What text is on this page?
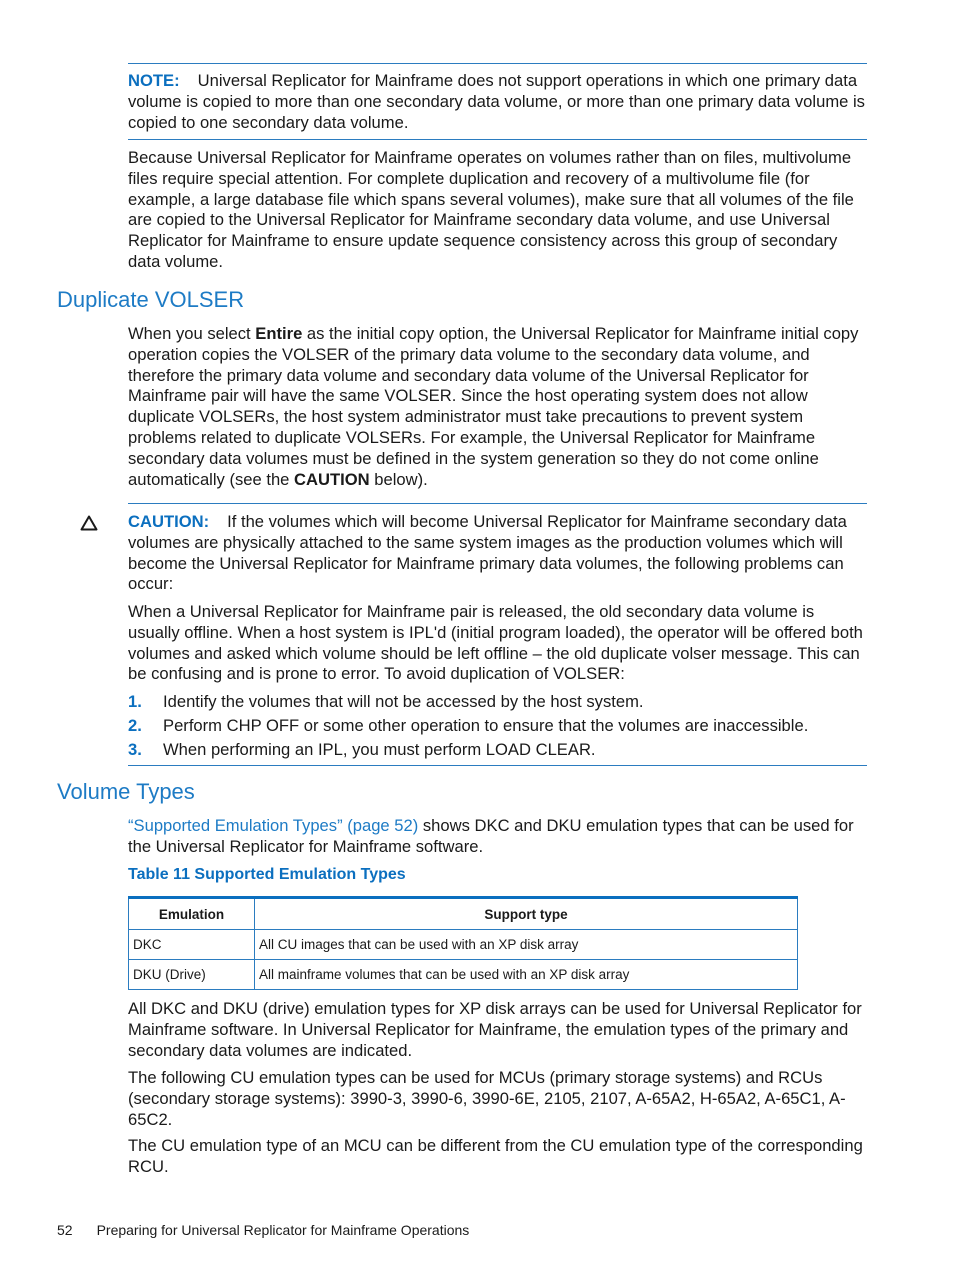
NOTE: Universal Replicator for Mainframe does not support operations in which one primary data volume is copied to more than one secondary data volume, or more than one primary data volume is copied to one secondary data volume.

Because Universal Replicator for Mainframe operates on volumes rather than on files, multivolume files require special attention. For complete duplication and recovery of a multivolume file (for example, a large database file which spans several volumes), make sure that all volumes of the file are copied to the Universal Replicator for Mainframe secondary data volume, and use Universal Replicator for Mainframe to ensure update sequence consistency across this group of secondary data volume.

Duplicate VOLSER

When you select Entire as the initial copy option, the Universal Replicator for Mainframe initial copy operation copies the VOLSER of the primary data volume to the secondary data volume, and therefore the primary data volume and secondary data volume of the Universal Replicator for Mainframe pair will have the same VOLSER. Since the host operating system does not allow duplicate VOLSERs, the host system administrator must take precautions to prevent system problems related to duplicate VOLSERs. For example, the Universal Replicator for Mainframe secondary data volumes must be defined in the system generation so they do not come online automatically (see the CAUTION below).

CAUTION: If the volumes which will become Universal Replicator for Mainframe secondary data volumes are physically attached to the same system images as the production volumes which will become the Universal Replicator for Mainframe primary data volumes, the following problems can occur:

When a Universal Replicator for Mainframe pair is released, the old secondary data volume is usually offline. When a host system is IPL'd (initial program loaded), the operator will be offered both volumes and asked which volume should be left offline – the old duplicate volser message. This can be confusing and is prone to error. To avoid duplication of VOLSER:

1. Identify the volumes that will not be accessed by the host system.
2. Perform CHP OFF or some other operation to ensure that the volumes are inaccessible.
3. When performing an IPL, you must perform LOAD CLEAR.
Volume Types

“Supported Emulation Types” (page 52) shows DKC and DKU emulation types that can be used for the Universal Replicator for Mainframe software.

Table 11 Supported Emulation Types
Emulation	Support type
DKC	All CU images that can be used with an XP disk array
DKU (Drive)	All mainframe volumes that can be used with an XP disk array

All DKC and DKU (drive) emulation types for XP disk arrays can be used for Universal Replicator for Mainframe software. In Universal Replicator for Mainframe, the emulation types of the primary and secondary data volumes are indicated.

The following CU emulation types can be used for MCUs (primary storage systems) and RCUs (secondary storage systems): 3990-3, 3990-6, 3990-6E, 2105, 2107, A-65A2, H-65A2, A-65C1, A-65C2.

The CU emulation type of an MCU can be different from the CU emulation type of the corresponding RCU.

52 Preparing for Universal Replicator for Mainframe Operations
